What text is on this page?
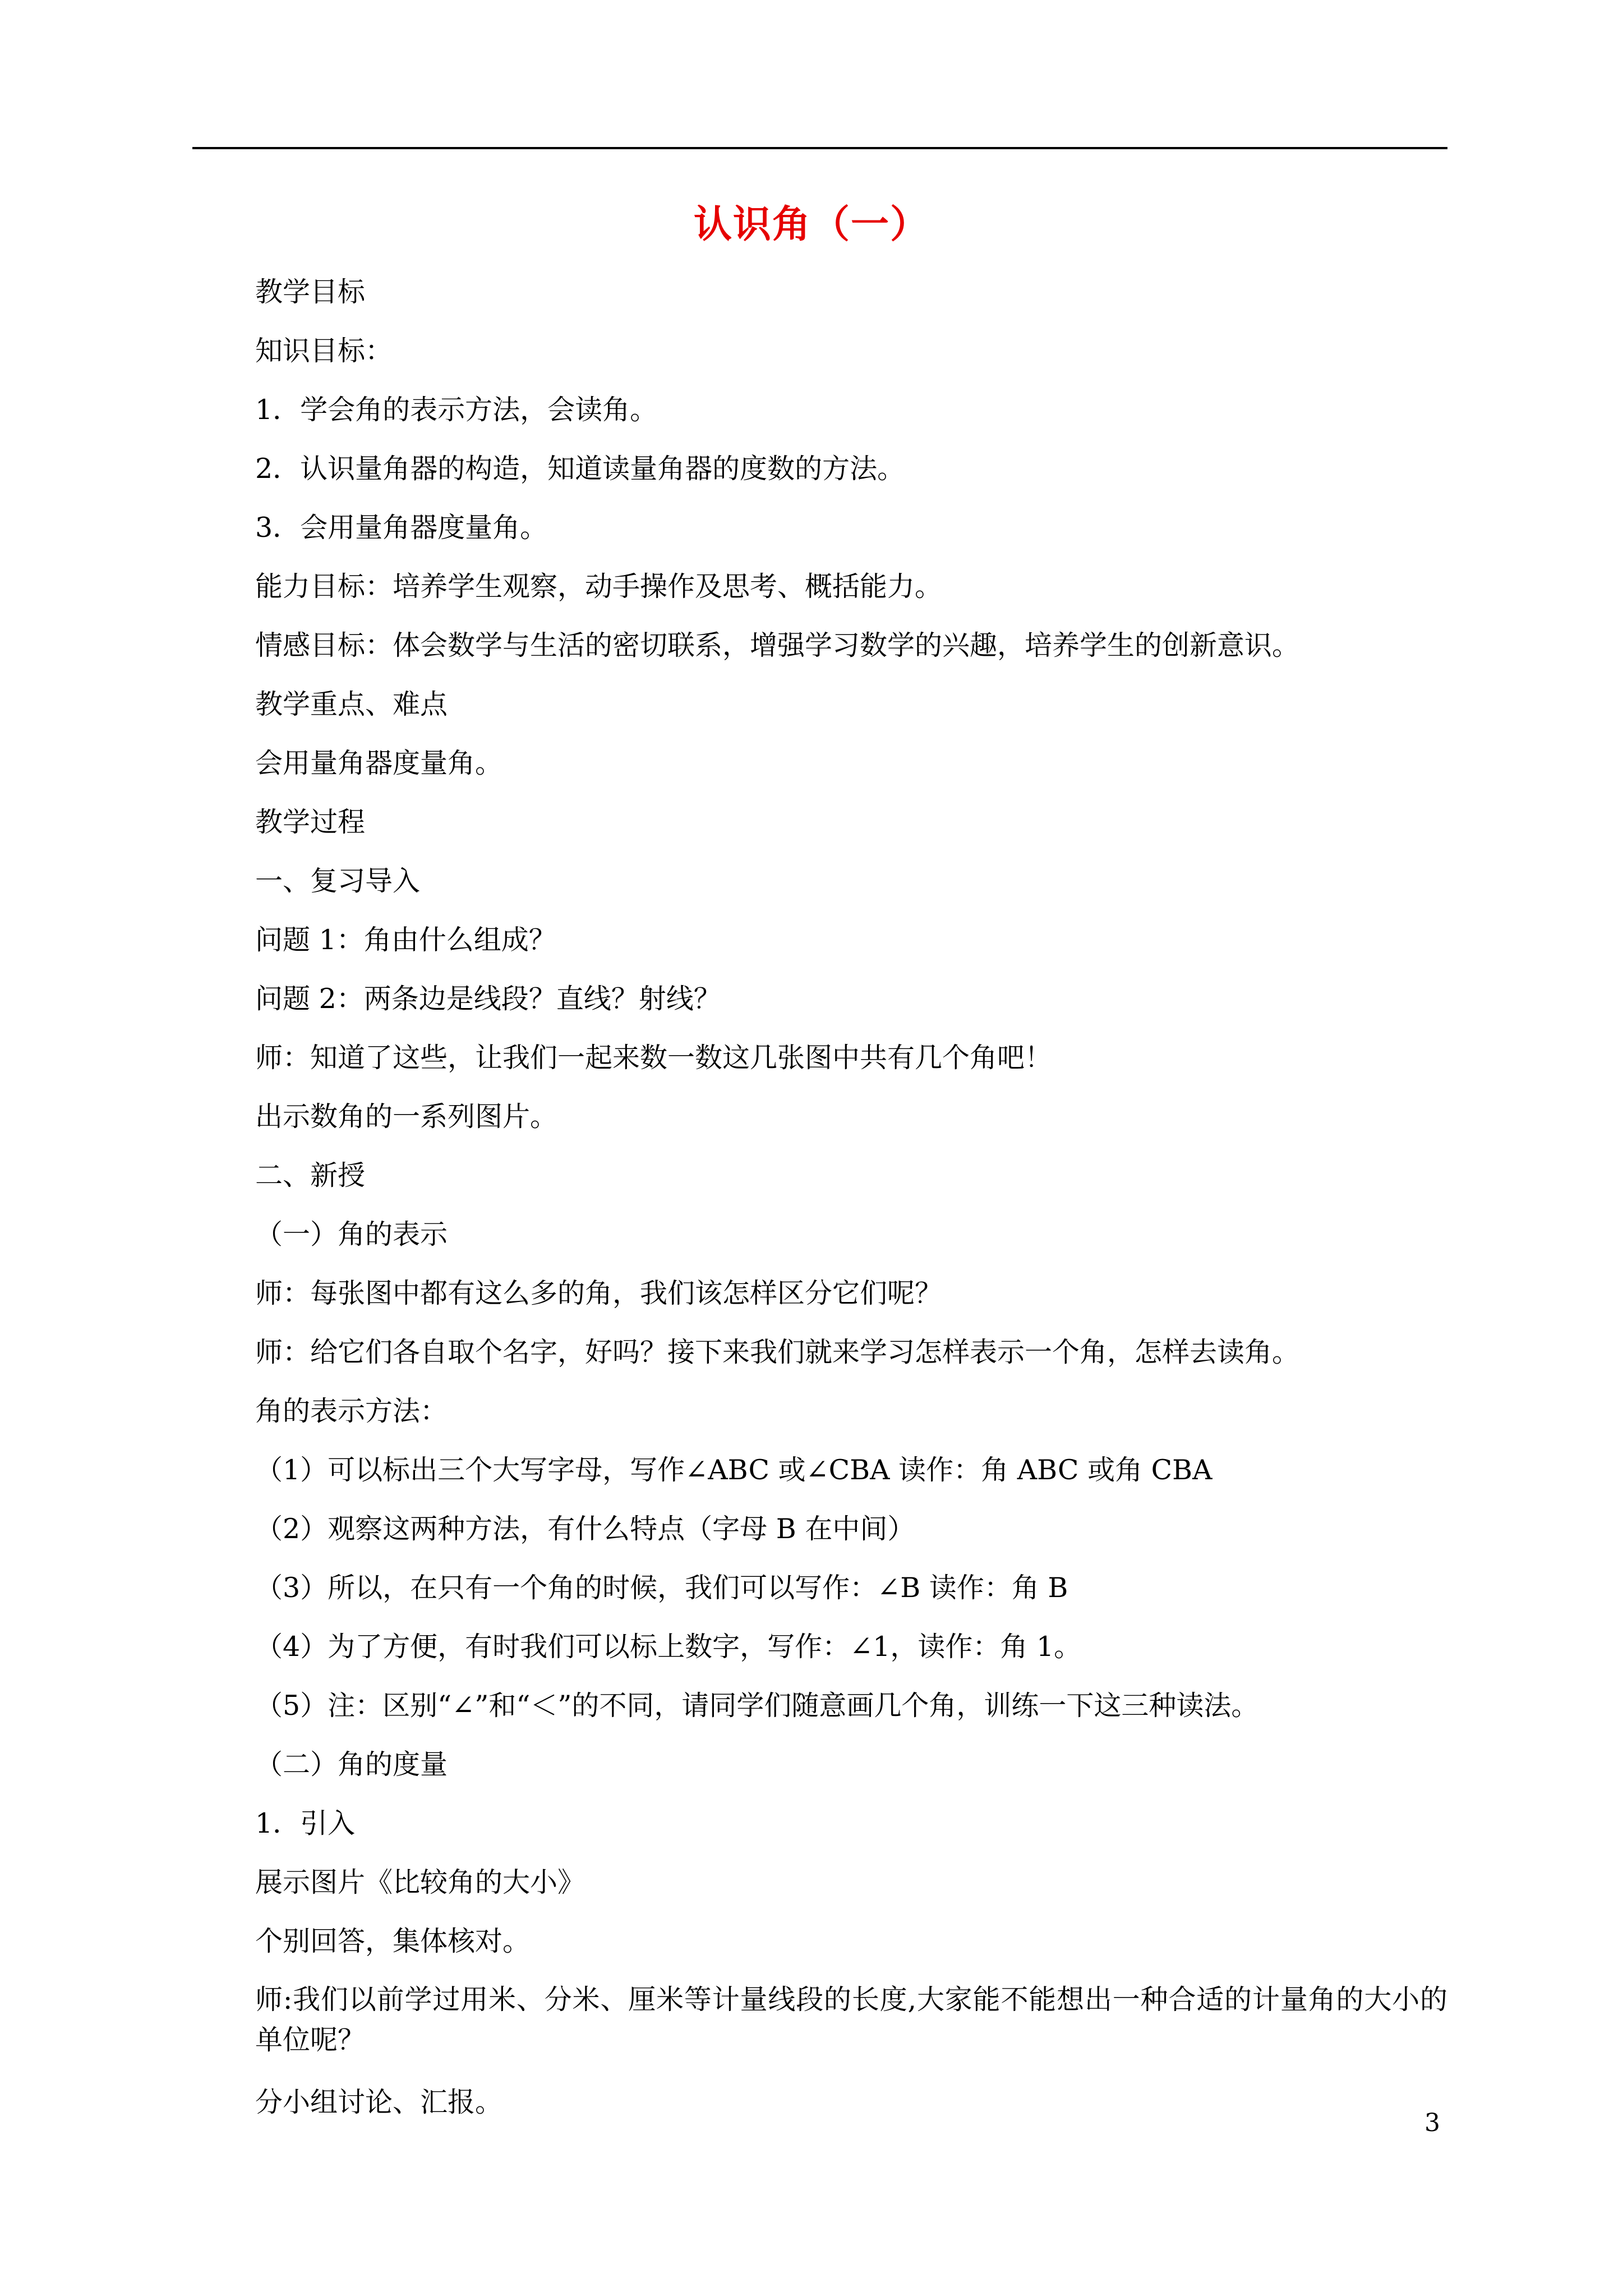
认识角（一）
教学目标
知识目标：
1．学会角的表示方法，会读角。
2．认识量角器的构造，知道读量角器的度数的方法。
3．会用量角器度量角。
能力目标：培养学生观察，动手操作及思考、概括能力。
情感目标：体会数学与生活的密切联系，增强学习数学的兴趣，培养学生的创新意识。
教学重点、难点
会用量角器度量角。
教学过程
一、复习导入
问题 1：角由什么组成？
问题 2：两条边是线段？直线？射线？
师：知道了这些，让我们一起来数一数这几张图中共有几个角吧！
出示数角的一系列图片。
二、新授
（一）角的表示
师：每张图中都有这么多的角，我们该怎样区分它们呢？
师：给它们各自取个名字，好吗？接下来我们就来学习怎样表示一个角，怎样去读角。
角的表示方法：
（1）可以标出三个大写字母，写作∠ABC 或∠CBA 读作：角 ABC 或角 CBA
（2）观察这两种方法，有什么特点（字母 B 在中间）
（3）所以，在只有一个角的时候，我们可以写作：∠B 读作：角 B
（4）为了方便，有时我们可以标上数字，写作：∠1，读作：角 1。
（5）注：区别“∠”和“＜”的不同，请同学们随意画几个角，训练一下这三种读法。
（二）角的度量
1．引入
展示图片《比较角的大小》
个别回答，集体核对。
师:我们以前学过用米、分米、厘米等计量线段的长度,大家能不能想出一种合适的计量角的大小的单位呢？
分小组讨论、汇报。
3
